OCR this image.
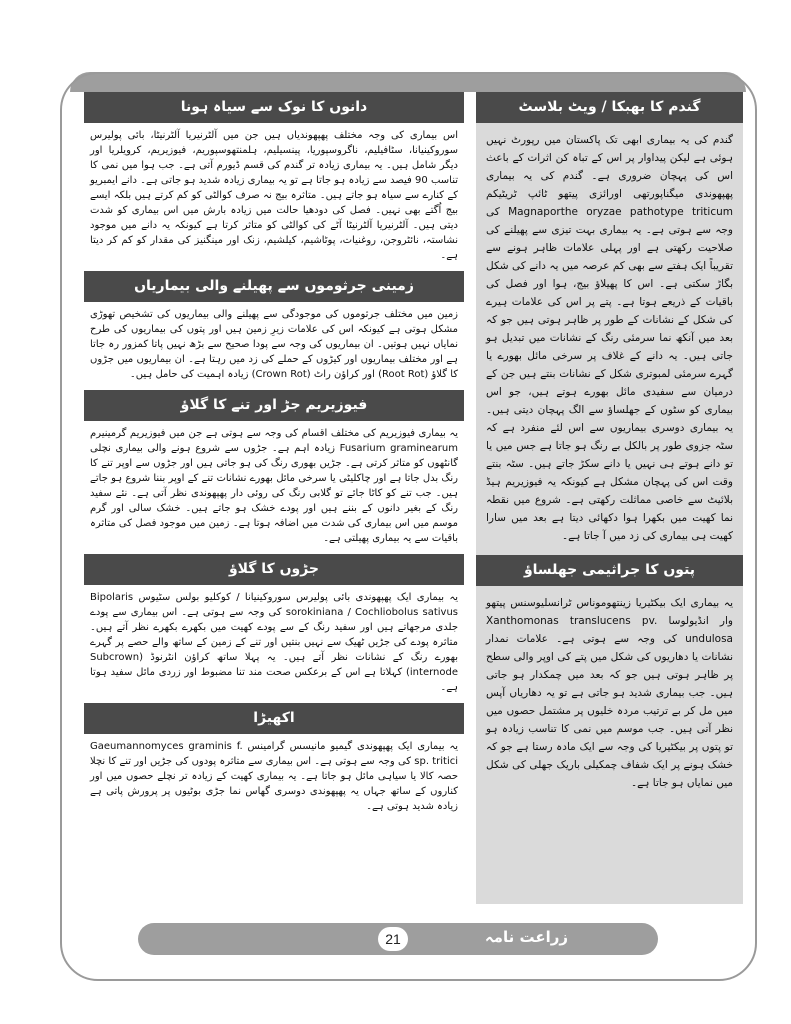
دانوں کا نوک سے سیاہ ہونا
اس بیماری کی وجہ مختلف پھپھوندیاں ہیں جن میں آلٹرنیریا آلٹرنیٹا، بائی پولیرس سوروکینیانا، سٹافیلیم، ناگروسپوریا، پینسیلیم، ہلمنتھوسپوریم، فیوزیریم، کرویلریا اور دیگر شامل ہیں۔ یہ بیماری زیادہ تر گندم کی قسم ڈیورم آتی ہے۔ جب ہوا میں نمی کا تناسب 90 فیصد سے زیادہ ہو جاتا ہے تو یہ بیماری زیادہ شدید ہو جاتی ہے۔ دانے ایمبریو کے کنارے سے سیاہ ہو جاتے ہیں۔ متاثرہ بیج نہ صرف کوالٹی کو کم کرتے ہیں بلکہ ایسے بیج اُگتے بھی نہیں۔ فصل کی دودھیا حالت میں زیادہ بارش میں اس بیماری کو شدت دیتی ہیں۔ آلٹرنیریا آلٹرنیٹا آٹے کی کوالٹی کو متاثر کرتا ہے کیونکہ یہ دانے میں موجود نشاستہ، نائٹروجن، روغنیات، پوٹاشیم، کیلشیم، زنک اور مینگنیز کی مقدار کو کم کر دیتا ہے۔
زمینی جرثوموں سے پھیلنے والی بیماریاں
زمین میں مختلف جرثوموں کی موجودگی سے پھیلنے والی بیماریوں کی تشخیص تھوڑی مشکل ہوتی ہے کیونکہ اس کی علامات زیرِ زمین ہیں اور پتوں کی بیماریوں کی طرح نمایاں نہیں ہوتیں۔ ان بیماریوں کی وجہ سے پودا صحیح سے بڑھ نہیں پاتا کمزور رہ جاتا ہے اور مختلف بیماریوں اور کیڑوں کے حملے کی زد میں رہتا ہے۔ ان بیماریوں میں جڑوں کا گلاؤ (Root Rot) اور کراؤن راٹ (Crown Rot) زیادہ اہمیت کی حامل ہیں۔
فیوزیریم جڑ اور تنے کا گلاؤ
یہ بیماری فیوزیریم کی مختلف اقسام کی وجہ سے ہوتی ہے جن میں فیوزیریم گرمینیرم Fusarium graminearum زیادہ اہم ہے۔ جڑوں سے شروع ہونے والی بیماری نچلی گانٹھوں کو متاثر کرتی ہے۔ جڑیں بھوری رنگ کی ہو جاتی ہیں اور جڑوں سے اوپر تنے کا رنگ بدل جاتا ہے اور چاکلیٹی یا سرخی مائل بھورے نشانات تنے کے اوپر بننا شروع ہو جاتے ہیں۔ جب تنے کو کاٹا جائے تو گلابی رنگ کی روئی دار پھپھوندی نظر آتی ہے۔ نئے سفید رنگ کے بغیر دانوں کے بننے ہیں اور پودے خشک ہو جاتے ہیں۔ خشک سالی اور گرم موسم میں اس بیماری کی شدت میں اضافہ ہوتا ہے۔ زمین میں موجود فصل کی متاثرہ باقیات سے یہ بیماری پھیلتی ہے۔
جڑوں کا گلاؤ
یہ بیماری ایک پھپھوندی بائی پولیرس سوروکینیانا / کوکلیو بولس سٹیوس Bipolaris sorokiniana / Cochliobolus sativus کی وجہ سے ہوتی ہے۔ اس بیماری سے پودے جلدی مرجھاتے ہیں اور سفید رنگ کے سے پودے کھیت میں بکھرے بکھرے نظر آتے ہیں۔ متاثرہ پودے کی جڑیں ٹھیک سے نہیں بنتیں اور تنے کے زمین کے ساتھ والے حصے پر گہرے بھورے رنگ کے نشانات نظر آتے ہیں۔ یہ پہلا ساتھ کراؤن انٹرنوڈ (Subcrown internode) کہلاتا ہے اس کے برعکس صحت مند تنا مضبوط اور زردی مائل سفید ہوتا ہے۔
اکھیڑا
یہ بیماری ایک پھپھوندی گیمیو مانیسس گرامینس Gaeumannomyces graminis f. sp. tritici کی وجہ سے ہوتی ہے۔ اس بیماری سے متاثرہ پودوں کی جڑیں اور تنے کا نچلا حصہ کالا یا سیاہی مائل ہو جاتا ہے۔ یہ بیماری کھیت کے زیادہ تر نچلے حصوں میں اور کناروں کے ساتھ جہاں یہ پھپھوندی دوسری گھاس نما جڑی بوٹیوں پر پرورش پاتی ہے زیادہ شدید ہوتی ہے۔
گندم کا بھبکا / ویٹ بلاسٹ
گندم کی یہ بیماری ابھی تک پاکستان میں رپورٹ نہیں ہوئی ہے لیکن پیداوار پر اس کے تباہ کن اثرات کے باعث اس کی پہچان ضروری ہے۔ گندم کی یہ بیماری پھپھوندی میگناپورتھی اورائزی پیتھو ٹائپ ٹریٹیکم Magnaporthe oryzae pathotype triticum کی وجہ سے ہوتی ہے۔ یہ بیماری بہت تیزی سے پھیلنے کی صلاحیت رکھتی ہے اور پہلی علامات ظاہر ہونے سے تقریباً ایک ہفتے سے بھی کم عرصہ میں یہ دانے کی شکل بگاڑ سکتی ہے۔ اس کا پھیلاؤ بیج، ہوا اور فصل کی باقیات کے ذریعے ہوتا ہے۔ پتے پر اس کی علامات ہیرے کی شکل کے نشانات کے طور پر ظاہر ہوتی ہیں جو کہ بعد میں آنکھ نما سرمئی رنگ کے نشانات میں تبدیل ہو جاتی ہیں۔ یہ دانے کے غلاف پر سرخی مائل بھورے یا گہرے سرمئی لمبوتری شکل کے نشانات بنتے ہیں جن کے درمیان سے سفیدی مائل بھورے ہوتے ہیں، جو اس بیماری کو سٹوں کے جھلساؤ سے الگ پہچان دیتی ہیں۔ یہ بیماری دوسری بیماریوں سے اس لئے منفرد ہے کہ سٹہ جزوی طور پر بالکل بے رنگ ہو جاتا ہے جس میں یا تو دانے ہوتے ہی نہیں یا دانے سکڑ جاتے ہیں۔ سٹہ بنتے وقت اس کی پہچان مشکل ہے کیونکہ یہ فیوزیریم ہیڈ بلائیٹ سے خاصی مماثلت رکھتی ہے۔ شروع میں نقطہ نما کھیت میں بکھرا ہوا دکھائی دیتا ہے بعد میں سارا کھیت ہی بیماری کی زد میں آ جاتا ہے۔
پتوں کا جراثیمی جھلساؤ
یہ بیماری ایک بیکٹیریا زینتھوموناس ٹرانسلیوسنس پیتھو وار انڈیولوسا Xanthomonas translucens pv. undulosa کی وجہ سے ہوتی ہے۔ علامات نمدار نشانات یا دھاریوں کی شکل میں پتے کی اوپر والی سطح پر ظاہر ہوتی ہیں جو کہ بعد میں چمکدار ہو جاتی ہیں۔ جب بیماری شدید ہو جاتی ہے تو یہ دھاریاں آپس میں مل کر بے ترتیب مردہ خلیوں پر مشتمل حصوں میں نظر آتی ہیں۔ جب موسم میں نمی کا تناسب زیادہ ہو تو پتوں پر بیکٹیریا کی وجہ سے ایک مادہ رستا ہے جو کہ خشک ہونے پر ایک شفاف چمکیلی باریک جھلی کی شکل میں نمایاں ہو جاتا ہے۔
زراعت نامہ
21
